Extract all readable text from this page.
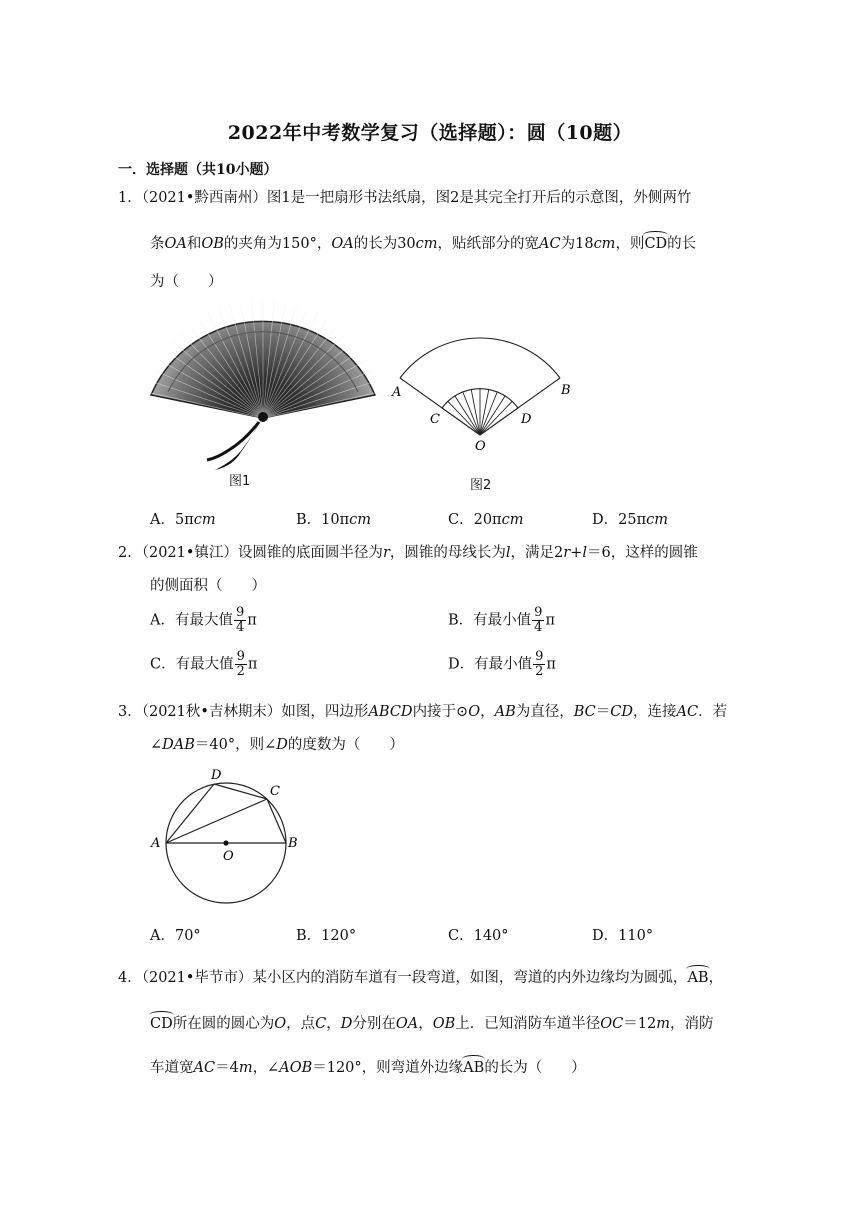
2022年中考数学复习（选择题）：圆（10题）
一．选择题（共10小题）
1．（2021•黔西南州）图1是一把扇形书法纸扇，图2是其完全打开后的示意图，外侧两竹
条OA和OB的夹角为150°，OA的长为30cm，贴纸部分的宽AC为18cm，则CD的长
为（　　）
图1
A	B
C	D
O
图2
A．5πcm	B．10πcm	C．20πcm	D．25πcm
2．（2021•镇江）设圆锥的底面圆半径为r，圆锥的母线长为l，满足2r+l＝6，这样的圆锥
的侧面积（　　）
A．有最大值 $\frac{9}{4}$ π	B．有最小值 $\frac{9}{4}$ π
C．有最大值 $\frac{9}{2}$ π	D．有最小值 $\frac{9}{2}$ π
3．（2021秋•吉林期末）如图，四边形ABCD内接于⊙O，AB为直径，BC＝CD，连接AC．若
∠DAB＝40°，则∠D的度数为（　　）
A	B
C
D
O
A．70°	B．120°	C．140°	D．110°
4．（2021•毕节市）某小区内的消防车道有一段弯道，如图，弯道的内外边缘均为圆弧，AB，
CD所在圆的圆心为O，点C，D分别在OA，OB上．已知消防车道半径OC＝12m，消防
车道宽AC＝4m，∠AOB＝120°，则弯道外边缘AB的长为（　　）
